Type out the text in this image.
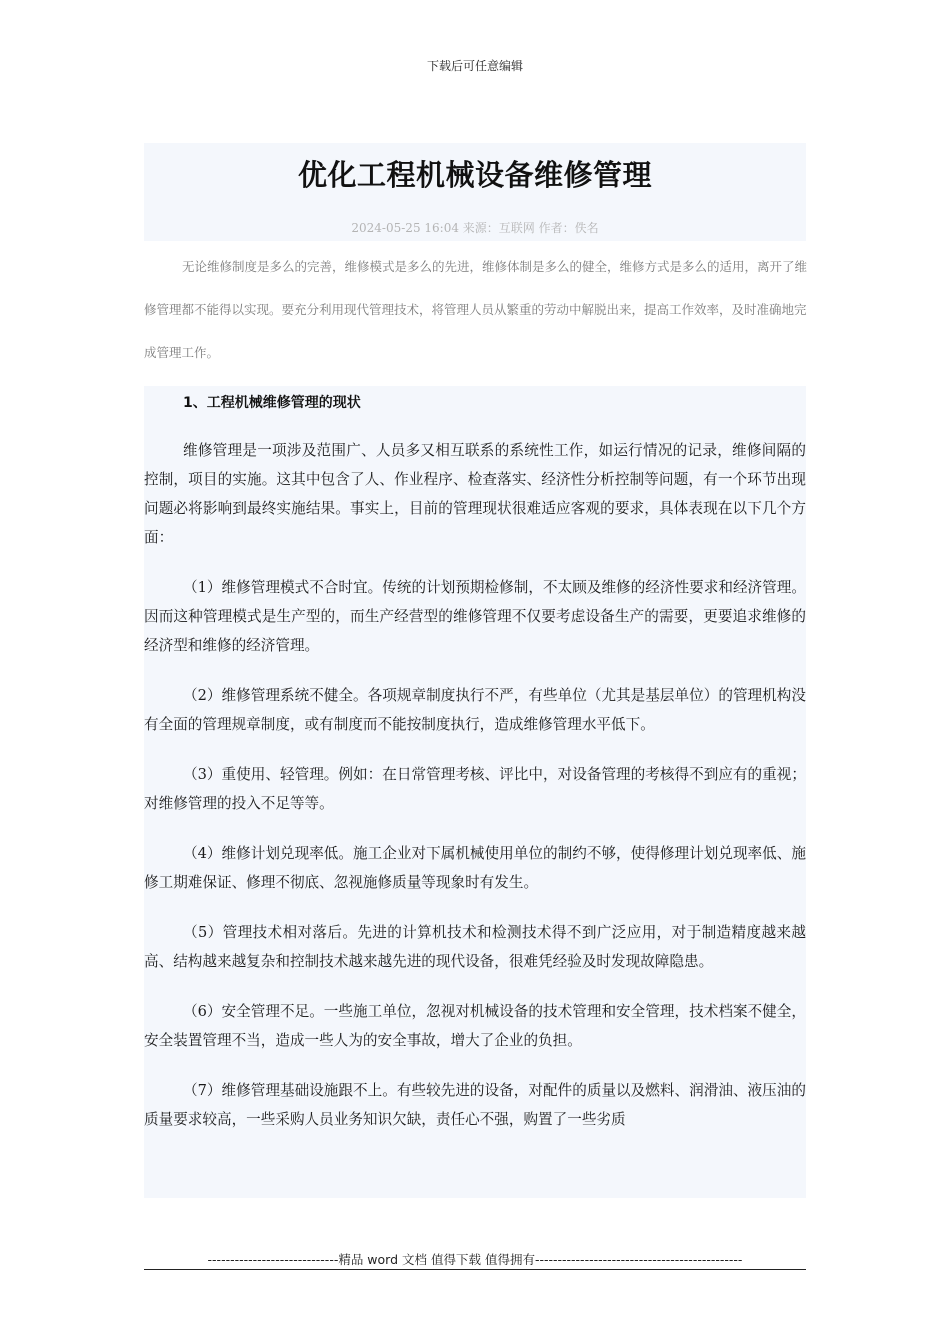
下载后可任意编辑
优化工程机械设备维修管理
2024-05-25 16:04 来源：互联网 作者：佚名

无论维修制度是多么的完善，维修模式是多么的先进，维修体制是多么的健全，维修方式是多么的适用，离开了维修管理都不能得以实现。要充分利用现代管理技术，将管理人员从繁重的劳动中解脱出来，提高工作效率，及时准确地完成管理工作。

1、工程机械维修管理的现状

维修管理是一项涉及范围广、人员多又相互联系的系统性工作，如运行情况的记录，维修间隔的控制，项目的实施。这其中包含了人、作业程序、检查落实、经济性分析控制等问题，有一个环节出现问题必将影响到最终实施结果。事实上，目前的管理现状很难适应客观的要求，具体表现在以下几个方面：

（1）维修管理模式不合时宜。传统的计划预期检修制，不太顾及维修的经济性要求和经济管理。因而这种管理模式是生产型的，而生产经营型的维修管理不仅要考虑设备生产的需要，更要追求维修的经济型和维修的经济管理。

（2）维修管理系统不健全。各项规章制度执行不严，有些单位（尤其是基层单位）的管理机构没有全面的管理规章制度，或有制度而不能按制度执行，造成维修管理水平低下。

（3）重使用、轻管理。例如：在日常管理考核、评比中，对设备管理的考核得不到应有的重视；对维修管理的投入不足等等。

（4）维修计划兑现率低。施工企业对下属机械使用单位的制约不够，使得修理计划兑现率低、施修工期难保证、修理不彻底、忽视施修质量等现象时有发生。

（5）管理技术相对落后。先进的计算机技术和检测技术得不到广泛应用，对于制造精度越来越高、结构越来越复杂和控制技术越来越先进的现代设备，很难凭经验及时发现故障隐患。

（6）安全管理不足。一些施工单位，忽视对机械设备的技术管理和安全管理，技术档案不健全，安全装置管理不当，造成一些人为的安全事故，增大了企业的负担。

（7）维修管理基础设施跟不上。有些较先进的设备，对配件的质量以及燃料、润滑油、液压油的质量要求较高，一些采购人员业务知识欠缺，责任心不强，购置了一些劣质

-----------------------------精品 word 文档 值得下载 值得拥有----------------------------------------------
